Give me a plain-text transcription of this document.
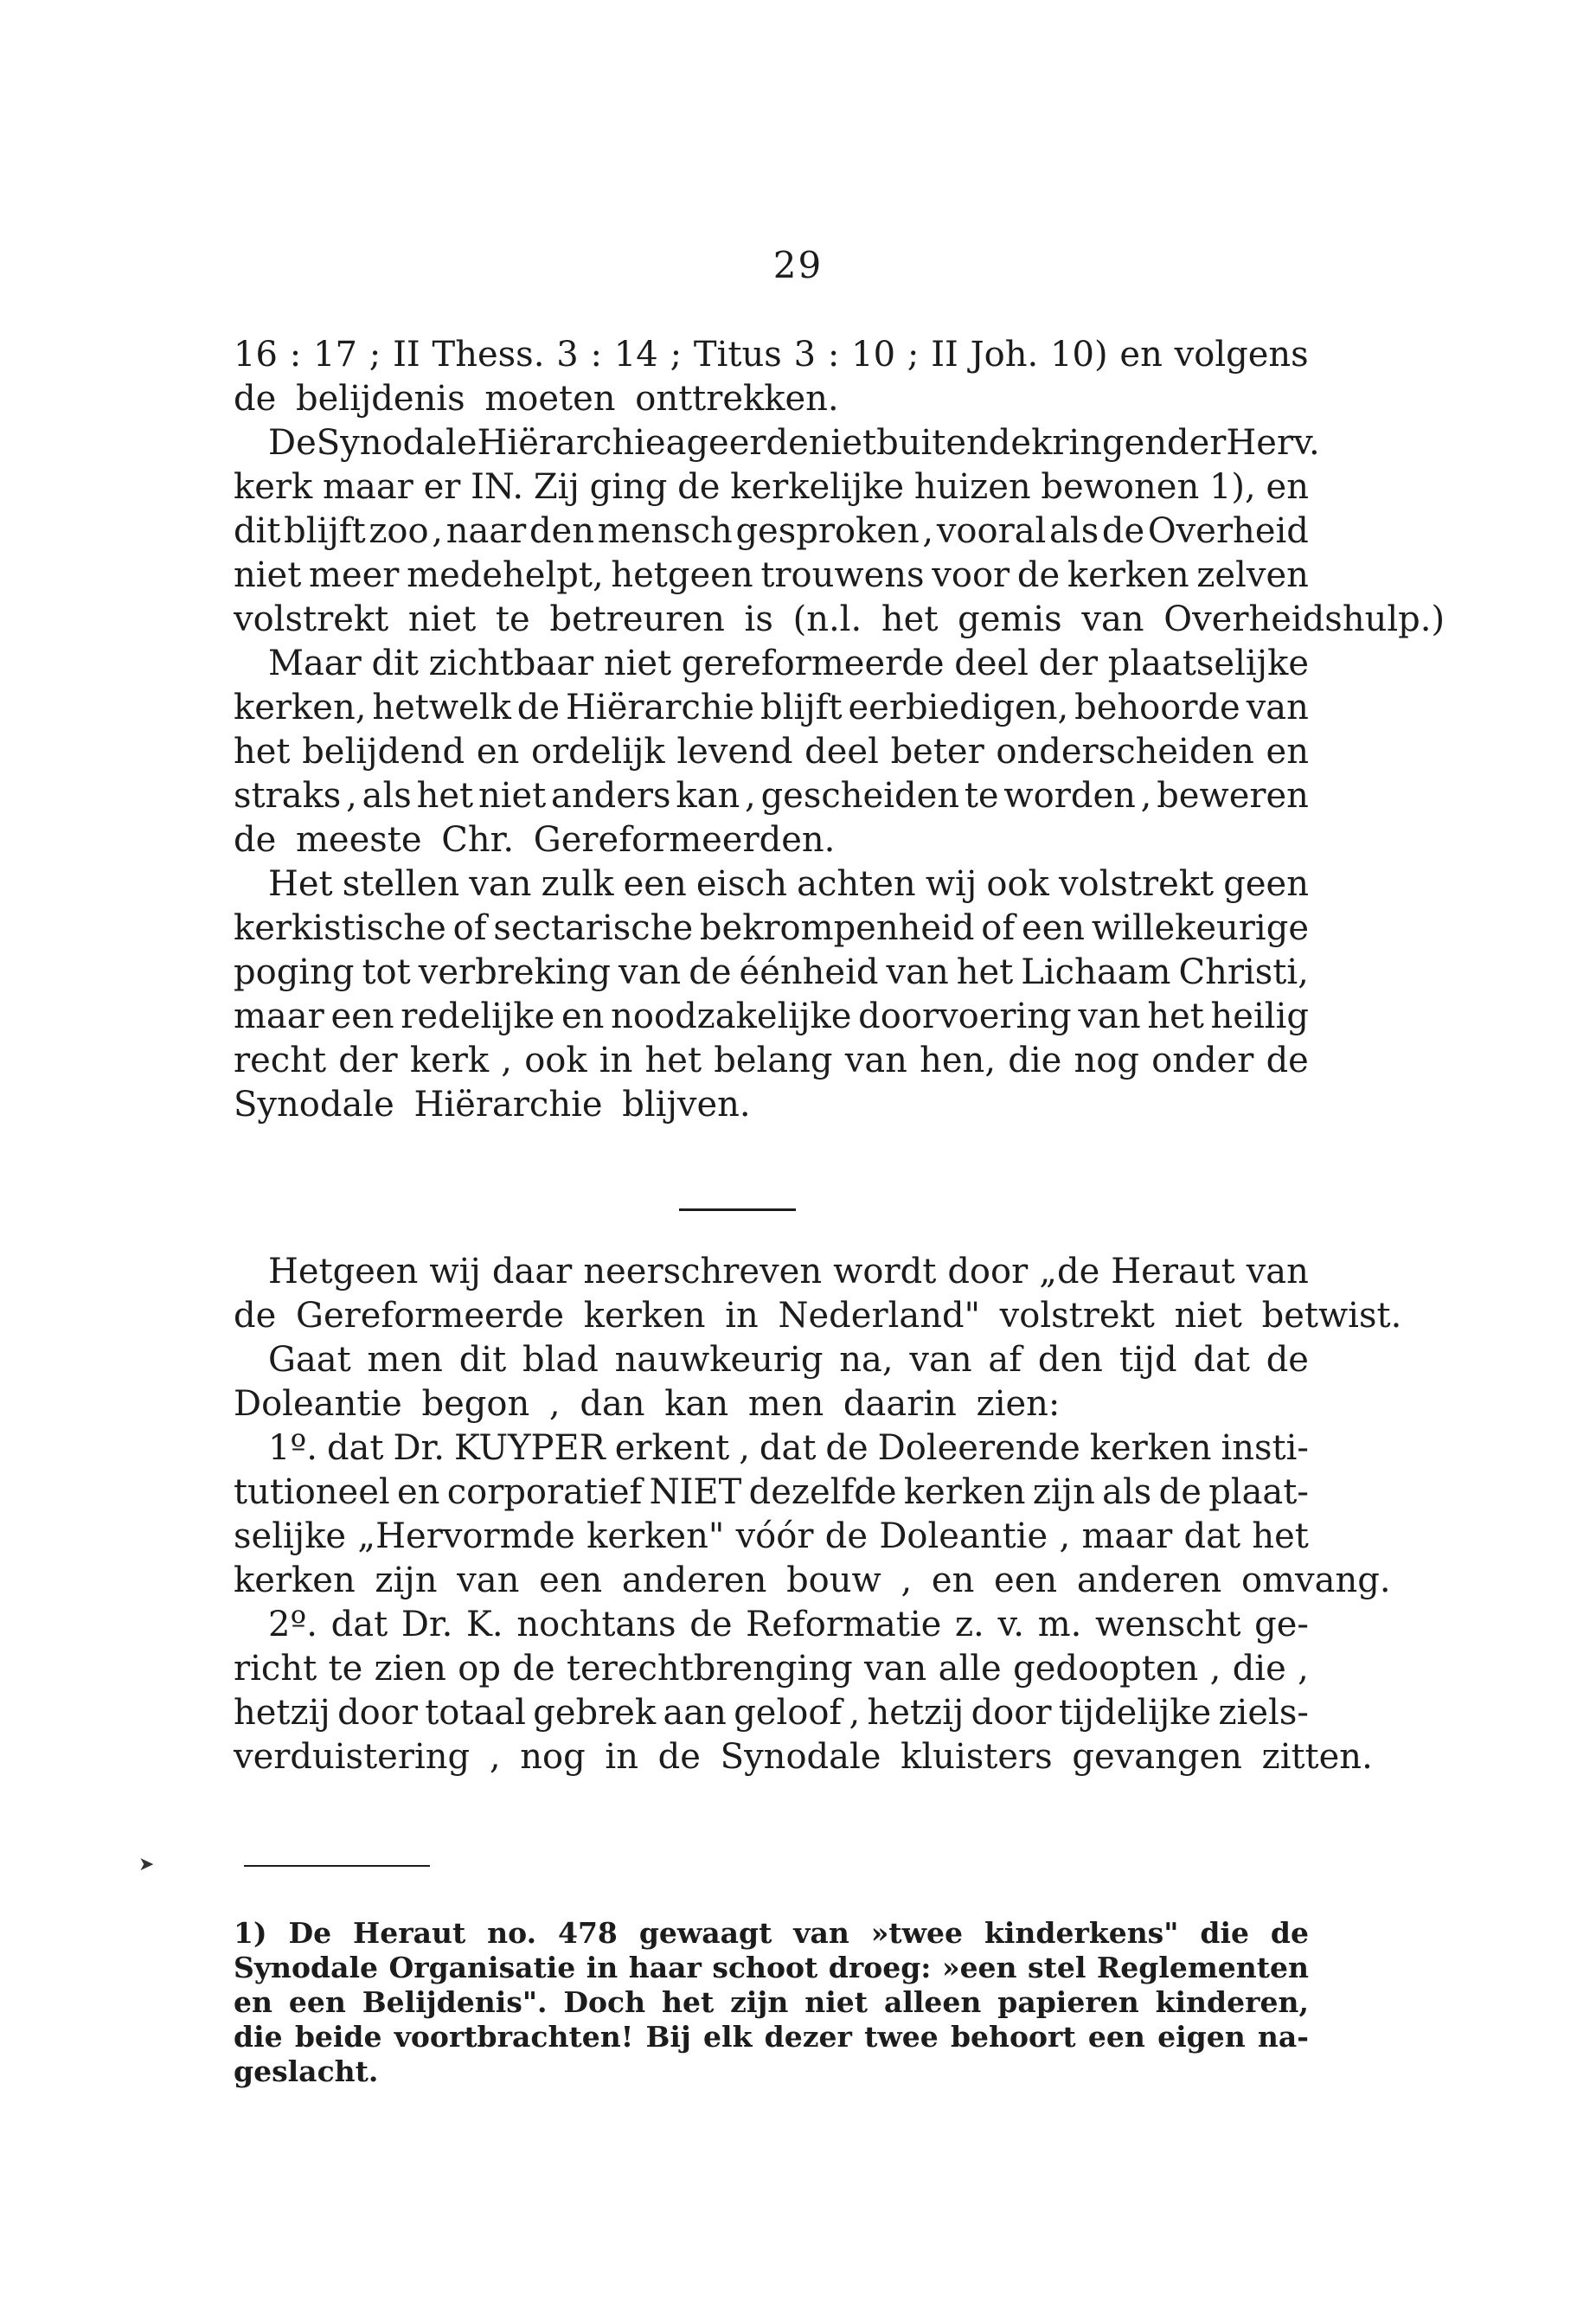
29
16 : 17 ; II Thess. 3 : 14 ; Titus 3 : 10 ; II Joh. 10) en volgens
de belijdenis moeten onttrekken.
De Synodale Hiërarchie ageerde niet buiten de kringen der Herv.
kerk maar er IN. Zij ging de kerkelijke huizen bewonen 1), en
dit blijft zoo , naar den mensch gesproken , vooral als de Overheid
niet meer medehelpt, hetgeen trouwens voor de kerken zelven
volstrekt niet te betreuren is (n.l. het gemis van Overheidshulp.)
Maar dit zichtbaar niet gereformeerde deel der plaatselijke
kerken, hetwelk de Hiërarchie blijft eerbiedigen, behoorde van
het belijdend en ordelijk levend deel beter onderscheiden en
straks , als het niet anders kan , gescheiden te worden , beweren
de meeste Chr. Gereformeerden.
Het stellen van zulk een eisch achten wij ook volstrekt geen
kerkistische of sectarische bekrompenheid of een willekeurige
poging tot verbreking van de éénheid van het Lichaam Christi,
maar een redelijke en noodzakelijke doorvoering van het heilig
recht der kerk , ook in het belang van hen, die nog onder de
Synodale Hiërarchie blijven.
Hetgeen wij daar neerschreven wordt door „de Heraut van
de Gereformeerde kerken in Nederland" volstrekt niet betwist.
Gaat men dit blad nauwkeurig na, van af den tijd dat de
Doleantie begon , dan kan men daarin zien:
1º. dat Dr. KUYPER erkent , dat de Doleerende kerken insti-
tutioneel en corporatief NIET dezelfde kerken zijn als de plaat-
selijke „Hervormde kerken" vóór de Doleantie , maar dat het
kerken zijn van een anderen bouw , en een anderen omvang.
2º. dat Dr. K. nochtans de Reformatie z. v. m. wenscht ge-
richt te zien op de terechtbrenging van alle gedoopten , die ,
hetzij door totaal gebrek aan geloof , hetzij door tijdelijke ziels-
verduistering , nog in de Synodale kluisters gevangen zitten.
1) De Heraut no. 478 gewaagt van »twee kinderkens" die de
Synodale Organisatie in haar schoot droeg: »een stel Reglementen
en een Belijdenis". Doch het zijn niet alleen papieren kinderen,
die beide voortbrachten! Bij elk dezer twee behoort een eigen na-
geslacht.
➤
